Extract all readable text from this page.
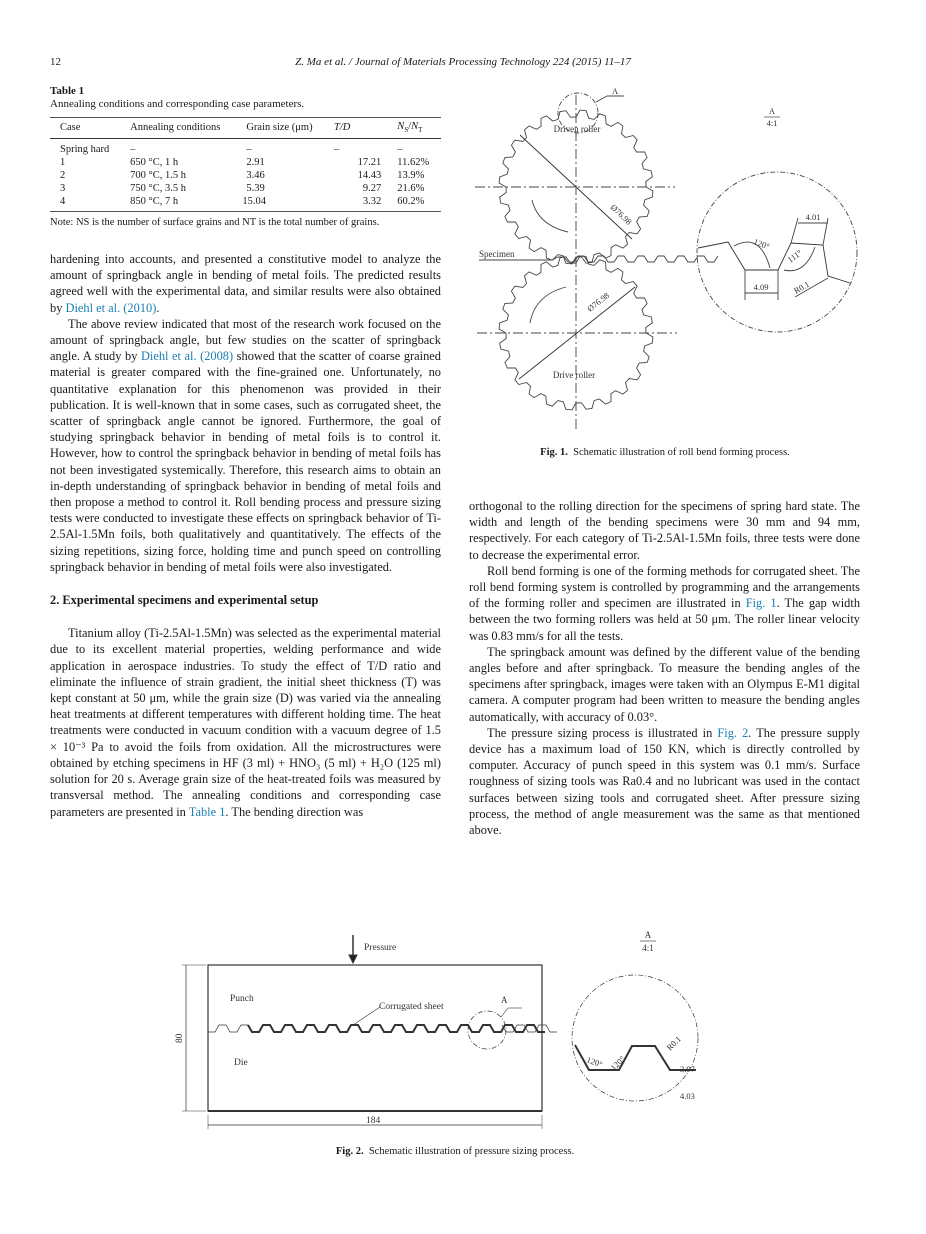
12	Z. Ma et al. / Journal of Materials Processing Technology 224 (2015) 11–17
Table 1
Annealing conditions and corresponding case parameters.
Case	Annealing conditions	Grain size (μm)	T/D	$N_S/N_T$
Spring hard	–	–	–	–
1	650 °C, 1 h	2.91	17.21	11.62%
2	700 °C, 1.5 h	3.46	14.43	13.9%
3	750 °C, 3.5 h	5.39	9.27	21.6%
4	850 °C, 7 h	15.04	3.32	60.2%
Note: NS is the number of surface grains and NT is the total number of grains.

hardening into accounts, and presented a constitutive model to analyze the amount of springback angle in bending of metal foils. The predicted results agreed well with the experimental data, and similar results were also obtained by Diehl et al. (2010).

The above review indicated that most of the research work focused on the amount of springback angle, but few studies on the scatter of springback angle. A study by Diehl et al. (2008) showed that the scatter of coarse grained material is greater compared with the fine-grained one. Unfortunately, no quantitative explanation for this phenomenon was provided in their publication. It is well-known that in some cases, such as corrugated sheet, the scatter of springback angle cannot be ignored. Furthermore, the goal of studying springback behavior in bending of metal foils is to control it. However, how to control the springback behavior in bending of metal foils has not been investigated systemically. Therefore, this research aims to obtain an in-depth understanding of springback behavior in bending of metal foils and then propose a method to control it. Roll bending process and pressure sizing tests were conducted to investigate these effects on springback behavior of Ti-2.5Al-1.5Mn foils, both qualitatively and quantitatively. The effects of the sizing repetitions, sizing force, holding time and punch speed on controlling springback behavior in bending of metal foils were also investigated.

2. Experimental specimens and experimental setup

Titanium alloy (Ti-2.5Al-1.5Mn) was selected as the experimental material due to its excellent material properties, welding performance and wide application in aerospace industries. To study the effect of T/D ratio and eliminate the influence of strain gradient, the initial sheet thickness (T) was kept constant at 50 μm, while the grain size (D) was varied via the annealing heat treatments at different temperatures with different holding time. The heat treatments were conducted in vacuum condition with a vacuum degree of 1.5 × 10⁻³ Pa to avoid the foils from oxidation. All the microstructures were obtained by etching specimens in HF (3 ml) + HNO₃ (5 ml) + H₂O (125 ml) solution for 20 s. Average grain size of the heat-treated foils was measured by transversal method. The annealing conditions and corresponding case parameters are presented in Table 1. The bending direction was

Driven roller
Drive roller
Specimen
Ø76.98
Ø76.98
A
A
4:1
4.01
4.09
120°
111°
R0.1
Fig. 1. Schematic illustration of roll bend forming process.

orthogonal to the rolling direction for the specimens of spring hard state. The width and length of the bending specimens were 30 mm and 94 mm, respectively. For each category of Ti-2.5Al-1.5Mn foils, three tests were done to decrease the experimental error.

Roll bend forming is one of the forming methods for corrugated sheet. The roll bend forming system is controlled by programming and the arrangements of the forming roller and specimen are illustrated in Fig. 1. The gap width between the two forming rollers was held at 50 μm. The roller linear velocity was 0.83 mm/s for all the tests.

The springback amount was defined by the different value of the bending angles before and after springback. To measure the bending angles of the specimens after springback, images were taken with an Olympus E-M1 digital camera. A computer program had been written to measure the bending angles automatically, with accuracy of 0.03°.

The pressure sizing process is illustrated in Fig. 2. The pressure supply device has a maximum load of 150 KN, which is directly controlled by computer. Accuracy of punch speed in this system was 0.1 mm/s. Surface roughness of sizing tools was Ra0.4 and no lubricant was used in the contact surfaces between sizing tools and corrugated sheet. After pressure sizing process, the method of angle measurement was the same as that mentioned above.

Pressure
Punch
Die
Corrugated sheet
A
80
184
A
4:1
120° 120°
R0.1
3.97
4.03
Fig. 2. Schematic illustration of pressure sizing process.
